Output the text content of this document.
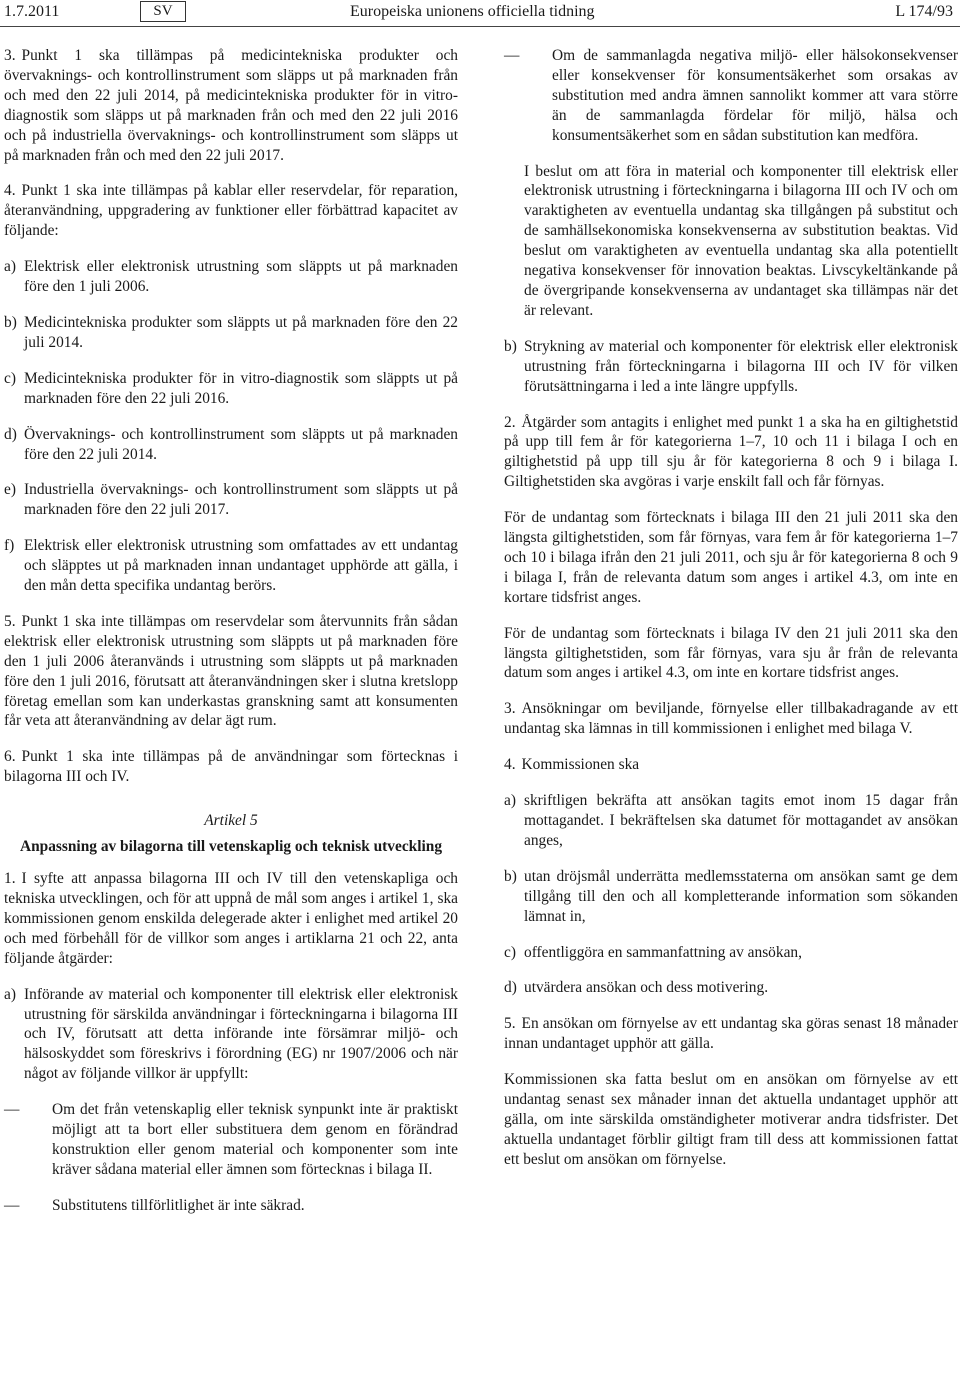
1.7.2011	SV	Europeiska unionens officiella tidning	L 174/93

3. Punkt 1 ska tillämpas på medicintekniska produkter och övervaknings- och kontrollinstrument som släpps ut på marknaden från och med den 22 juli 2014, på medicintekniska produkter för in vitro-diagnostik som släpps ut på marknaden från och med den 22 juli 2016 och på industriella övervaknings- och kontrollinstrument som släpps ut på marknaden från och med den 22 juli 2017.

4. Punkt 1 ska inte tillämpas på kablar eller reservdelar, för reparation, återanvändning, uppgradering av funktioner eller förbättrad kapacitet av följande:

a) Elektrisk eller elektronisk utrustning som släppts ut på marknaden före den 1 juli 2006.
b) Medicintekniska produkter som släppts ut på marknaden före den 22 juli 2014.
c) Medicintekniska produkter för in vitro-diagnostik som släppts ut på marknaden före den 22 juli 2016.
d) Övervaknings- och kontrollinstrument som släppts ut på marknaden före den 22 juli 2014.
e) Industriella övervaknings- och kontrollinstrument som släppts ut på marknaden före den 22 juli 2017.
f) Elektrisk eller elektronisk utrustning som omfattades av ett undantag och släpptes ut på marknaden innan undantaget upphörde att gälla, i den mån detta specifika undantag berörs.

5. Punkt 1 ska inte tillämpas om reservdelar som återvunnits från sådan elektrisk eller elektronisk utrustning som släppts ut på marknaden före den 1 juli 2006 återanvänds i utrustning som släppts ut på marknaden före den 1 juli 2016, förutsatt att återanvändningen sker i slutna kretslopp företag emellan som kan underkastas granskning samt att konsumenten får veta att återanvändning av delar ägt rum.

6. Punkt 1 ska inte tillämpas på de användningar som förtecknas i bilagorna III och IV.

Artikel 5
Anpassning av bilagorna till vetenskaplig och teknisk utveckling

1. I syfte att anpassa bilagorna III och IV till den vetenskapliga och tekniska utvecklingen, och för att uppnå de mål som anges i artikel 1, ska kommissionen genom enskilda delegerade akter i enlighet med artikel 20 och med förbehåll för de villkor som anges i artiklarna 21 och 22, anta följande åtgärder:

a) Införande av material och komponenter till elektrisk eller elektronisk utrustning för särskilda användningar i förteckningarna i bilagorna III och IV, förutsatt att detta införande inte försämrar miljö- och hälsoskyddet som föreskrivs i förordning (EG) nr 1907/2006 och när något av följande villkor är uppfyllt:
—	Om det från vetenskaplig eller teknisk synpunkt inte är praktiskt möjligt att ta bort eller substituera dem genom en förändrad konstruktion eller genom material och komponenter som inte kräver sådana material eller ämnen som förtecknas i bilaga II.
—	Substitutens tillförlitlighet är inte säkrad.
—	Om de sammanlagda negativa miljö- eller hälsokonsekvenser eller konsekvenser för konsumentsäkerhet som orsakas av substitution med andra ämnen sannolikt kommer att vara större än de sammanlagda fördelar för miljö, hälsa och konsumentsäkerhet som en sådan substitution kan medföra.

I beslut om att föra in material och komponenter till elektrisk eller elektronisk utrustning i förteckningarna i bilagorna III och IV och om varaktigheten av eventuella undantag ska tillgången på substitut och de samhällsekonomiska konsekvenserna av substitution beaktas. Vid beslut om varaktigheten av eventuella undantag ska alla potentiellt negativa konsekvenser för innovation beaktas. Livscykeltänkande på de övergripande konsekvenserna av undantaget ska tillämpas när det är relevant.

b) Strykning av material och komponenter för elektrisk eller elektronisk utrustning från förteckningarna i bilagorna III och IV för vilken förutsättningarna i led a inte längre uppfylls.

2. Åtgärder som antagits i enlighet med punkt 1 a ska ha en giltighetstid på upp till fem år för kategorierna 1–7, 10 och 11 i bilaga I och en giltighetstid på upp till sju år för kategorierna 8 och 9 i bilaga I. Giltighetstiden ska avgöras i varje enskilt fall och får förnyas.

För de undantag som förtecknats i bilaga III den 21 juli 2011 ska den längsta giltighetstiden, som får förnyas, vara fem år för kategorierna 1–7 och 10 i bilaga ifrån den 21 juli 2011, och sju år för kategorierna 8 och 9 i bilaga I, från de relevanta datum som anges i artikel 4.3, om inte en kortare tidsfrist anges.

För de undantag som förtecknats i bilaga IV den 21 juli 2011 ska den längsta giltighetstiden, som får förnyas, vara sju år från de relevanta datum som anges i artikel 4.3, om inte en kortare tidsfrist anges.

3. Ansökningar om beviljande, förnyelse eller tillbakadragande av ett undantag ska lämnas in till kommissionen i enlighet med bilaga V.

4. Kommissionen ska

a) skriftligen bekräfta att ansökan tagits emot inom 15 dagar från mottagandet. I bekräftelsen ska datumet för mottagandet av ansökan anges,
b) utan dröjsmål underrätta medlemsstaterna om ansökan samt ge dem tillgång till den och all kompletterande information som sökanden lämnat in,
c) offentliggöra en sammanfattning av ansökan,
d) utvärdera ansökan och dess motivering.

5. En ansökan om förnyelse av ett undantag ska göras senast 18 månader innan undantaget upphör att gälla.

Kommissionen ska fatta beslut om en ansökan om förnyelse av ett undantag senast sex månader innan det aktuella undantaget upphör att gälla, om inte särskilda omständigheter motiverar andra tidsfrister. Det aktuella undantaget förblir giltigt fram till dess att kommissionen fattat ett beslut om ansökan om förnyelse.
